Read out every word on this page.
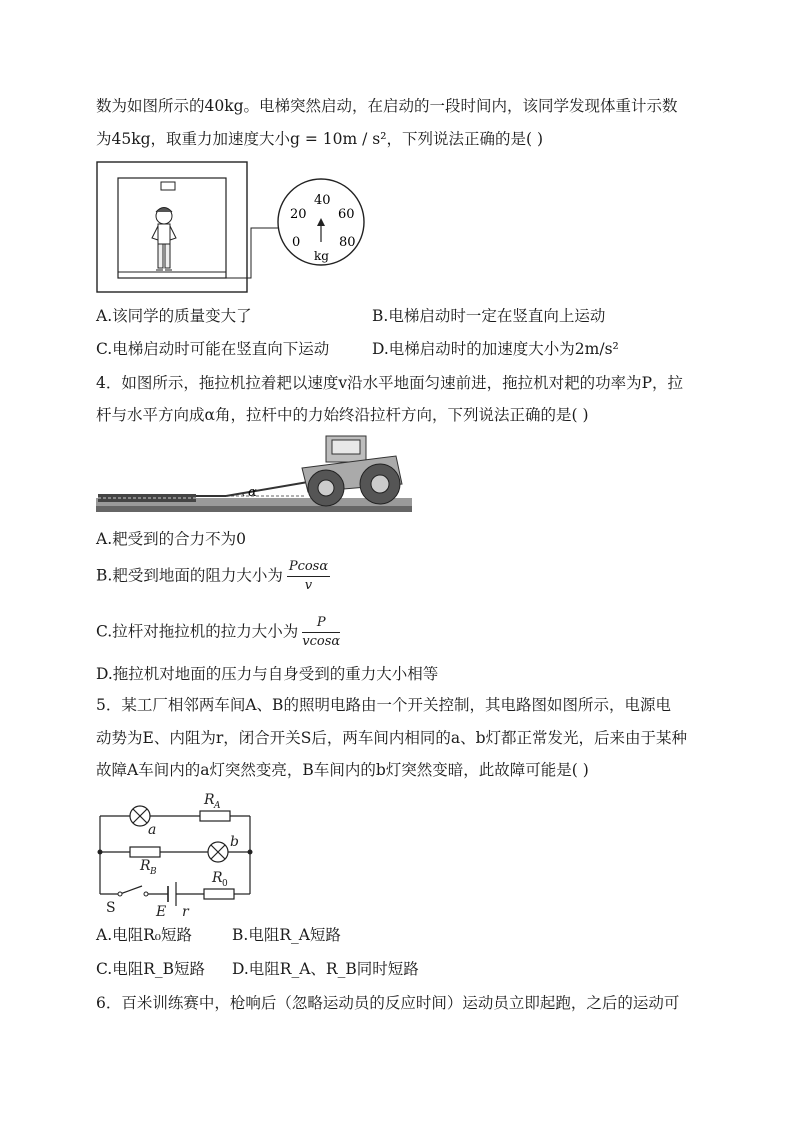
数为如图所示的40kg。电梯突然启动，在启动的一段时间内，该同学发现体重计示数
为45kg，取重力加速度大小g = 10m / s²，下列说法正确的是( )
0
20
40
60
80
kg
A.该同学的质量变大了	B.电梯启动时一定在竖直向上运动
C.电梯启动时可能在竖直向下运动	D.电梯启动时的加速度大小为2m/s²
4．如图所示，拖拉机拉着耙以速度v沿水平地面匀速前进，拖拉机对耙的功率为P，拉
杆与水平方向成α角，拉杆中的力始终沿拉杆方向，下列说法正确的是( )
α
A.耙受到的合力不为0
B.耙受到地面的阻力大小为 $\frac{Pcos\alpha}{v}$
C.拉杆对拖拉机的拉力大小为 $\frac{P}{vcos\alpha}$
D.拖拉机对地面的压力与自身受到的重力大小相等
5．某工厂相邻两车间A、B的照明电路由一个开关控制，其电路图如图所示，电源电
动势为E、内阻为r，闭合开关S后，两车间内相同的a、b灯都正常发光，后来由于某种
故障A车间内的a灯突然变亮，B车间内的b灯突然变暗，此故障可能是( )
R A
a
b
R B	R 0
S	E r
A.电阻R₀短路	B.电阻R_A短路
C.电阻R_B短路 D.电阻R_A、R_B同时短路
6．百米训练赛中，枪响后（忽略运动员的反应时间）运动员立即起跑，之后的运动可
